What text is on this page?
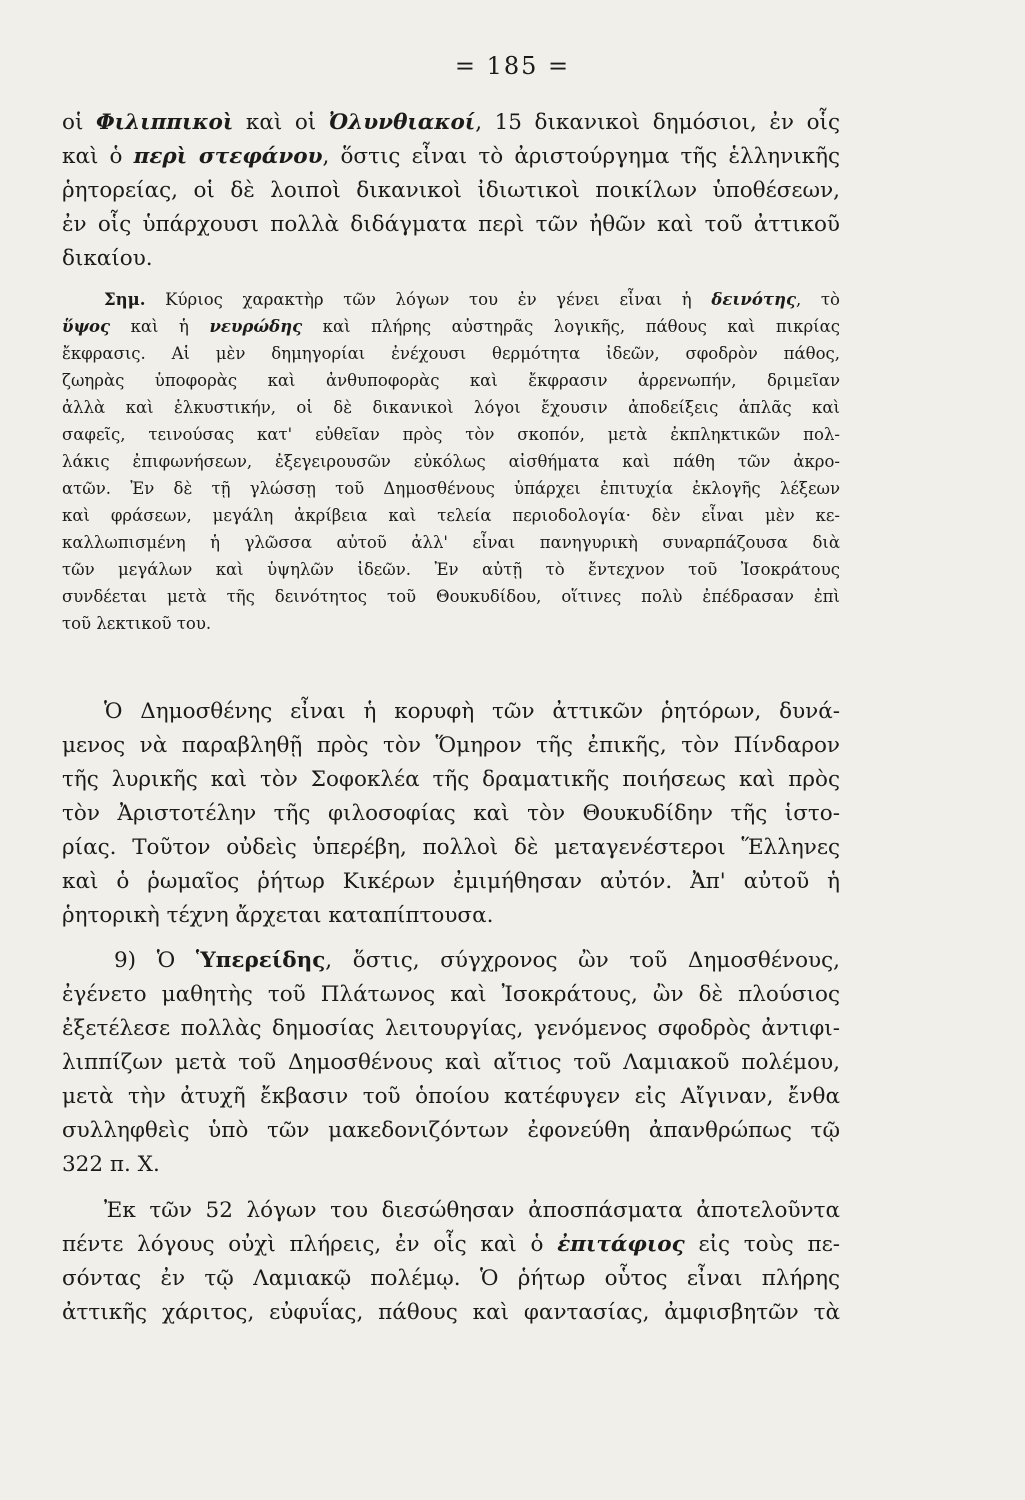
= 185 =
οἱ Φιλιππικοὶ καὶ οἱ Ὀλυνθιακοί, 15 δικανικοὶ δημόσιοι, ἐν οἷς
καὶ ὁ περὶ στεφάνου, ὅστις εἶναι τὸ ἀριστούργημα τῆς ἑλληνικῆς
ῥητορείας, οἱ δὲ λοιποὶ δικανικοὶ ἰδιωτικοὶ ποικίλων ὑποθέσεων,
ἐν οἷς ὑπάρχουσι πολλὰ διδάγματα περὶ τῶν ἠθῶν καὶ τοῦ ἀττικοῦ
δικαίου.
Σημ. Κύριος χαρακτὴρ τῶν λόγων του ἐν γένει εἶναι ἡ δεινότης, τὸ
ὕψος καὶ ἡ νευρώδης καὶ πλήρης αὐστηρᾶς λογικῆς, πάθους καὶ πικρίας
ἔκφρασις. Αἱ μὲν δημηγορίαι ἐνέχουσι θερμότητα ἰδεῶν, σφοδρὸν πάθος,
ζωηρὰς ὑποφορὰς καὶ ἀνθυποφορὰς καὶ ἔκφρασιν ἀρρενωπήν, δριμεῖαν
ἀλλὰ καὶ ἑλκυστικήν, οἱ δὲ δικανικοὶ λόγοι ἔχουσιν ἀποδείξεις ἁπλᾶς καὶ
σαφεῖς, τεινούσας κατ' εὐθεῖαν πρὸς τὸν σκοπόν, μετὰ ἐκπληκτικῶν πολ-
λάκις ἐπιφωνήσεων, ἐξεγειρουσῶν εὐκόλως αἰσθήματα καὶ πάθη τῶν ἀκρο-
ατῶν. Ἐν δὲ τῇ γλώσσῃ τοῦ Δημοσθένους ὑπάρχει ἐπιτυχία ἐκλογῆς λέξεων
καὶ φράσεων, μεγάλη ἀκρίβεια καὶ τελεία περιοδολογία· δὲν εἶναι μὲν κε-
καλλωπισμένη ἡ γλῶσσα αὐτοῦ ἀλλ' εἶναι πανηγυρικὴ συναρπάζουσα διὰ
τῶν μεγάλων καὶ ὑψηλῶν ἰδεῶν. Ἐν αὐτῇ τὸ ἔντεχνον τοῦ Ἰσοκράτους
συνδέεται μετὰ τῆς δεινότητος τοῦ Θουκυδίδου, οἵτινες πολὺ ἐπέδρασαν ἐπὶ
τοῦ λεκτικοῦ του.
Ὁ Δημοσθένης εἶναι ἡ κορυφὴ τῶν ἀττικῶν ῥητόρων, δυνά-
μενος νὰ παραβληθῇ πρὸς τὸν Ὅμηρον τῆς ἐπικῆς, τὸν Πίνδαρον
τῆς λυρικῆς καὶ τὸν Σοφοκλέα τῆς δραματικῆς ποιήσεως καὶ πρὸς
τὸν Ἀριστοτέλην τῆς φιλοσοφίας καὶ τὸν Θουκυδίδην τῆς ἱστο-
ρίας. Τοῦτον οὐδεὶς ὑπερέβη, πολλοὶ δὲ μεταγενέστεροι Ἕλληνες
καὶ ὁ ῥωμαῖος ῥήτωρ Κικέρων ἐμιμήθησαν αὐτόν. Ἀπ' αὐτοῦ ἡ
ῥητορικὴ τέχνη ἄρχεται καταπίπτουσα.
9) Ὁ Ὑπερείδης, ὅστις, σύγχρονος ὢν τοῦ Δημοσθένους,
ἐγένετο μαθητὴς τοῦ Πλάτωνος καὶ Ἰσοκράτους, ὢν δὲ πλούσιος
ἐξετέλεσε πολλὰς δημοσίας λειτουργίας, γενόμενος σφοδρὸς ἀντιφι-
λιππίζων μετὰ τοῦ Δημοσθένους καὶ αἴτιος τοῦ Λαμιακοῦ πολέμου,
μετὰ τὴν ἀτυχῆ ἔκβασιν τοῦ ὁποίου κατέφυγεν εἰς Αἴγιναν, ἔνθα
συλληφθεὶς ὑπὸ τῶν μακεδονιζόντων ἐφονεύθη ἀπανθρώπως τῷ
322 π. Χ.
Ἐκ τῶν 52 λόγων του διεσώθησαν ἀποσπάσματα ἀποτελοῦντα
πέντε λόγους οὐχὶ πλήρεις, ἐν οἷς καὶ ὁ ἐπιτάφιος εἰς τοὺς πε-
σόντας ἐν τῷ Λαμιακῷ πολέμῳ. Ὁ ῥήτωρ οὗτος εἶναι πλήρης
ἀττικῆς χάριτος, εὐφυΐας, πάθους καὶ φαντασίας, ἀμφισβητῶν τὰ
